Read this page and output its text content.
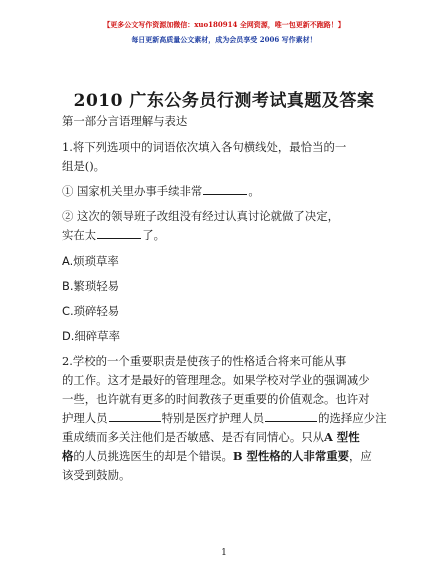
【更多公文写作资源加微信：xuo180914 全网资源，唯一包更新不跑路！】
每日更新高质量公文素材，成为会员享受 2006 写作素材！
2010 广东公务员行测考试真题及答案
第一部分言语理解与表达
1.将下列选项中的词语依次填入各句横线处，最恰当的一
组是()。
① 国家机关里办事手续非常	。
② 这次的领导班子改组没有经过认真讨论就做了决定，
实在太	了。
A.烦琐草率
B.繁琐轻易
C.琐碎轻易
D.细碎草率
2.学校的一个重要职责是使孩子的性格适合将来可能从事
的工作。这才是最好的管理理念。如果学校对学业的强调减少
一些，也许就有更多的时间教孩子更重要的价值观念。也许对
护理人员	特别是医疗护理人员	的选择应少注
重成绩而多关注他们是否敏感、是否有同情心。只从A 型性
格的人员挑选医生的却是个错误。B 型性格的人非常重要，应
该受到鼓励。
1
